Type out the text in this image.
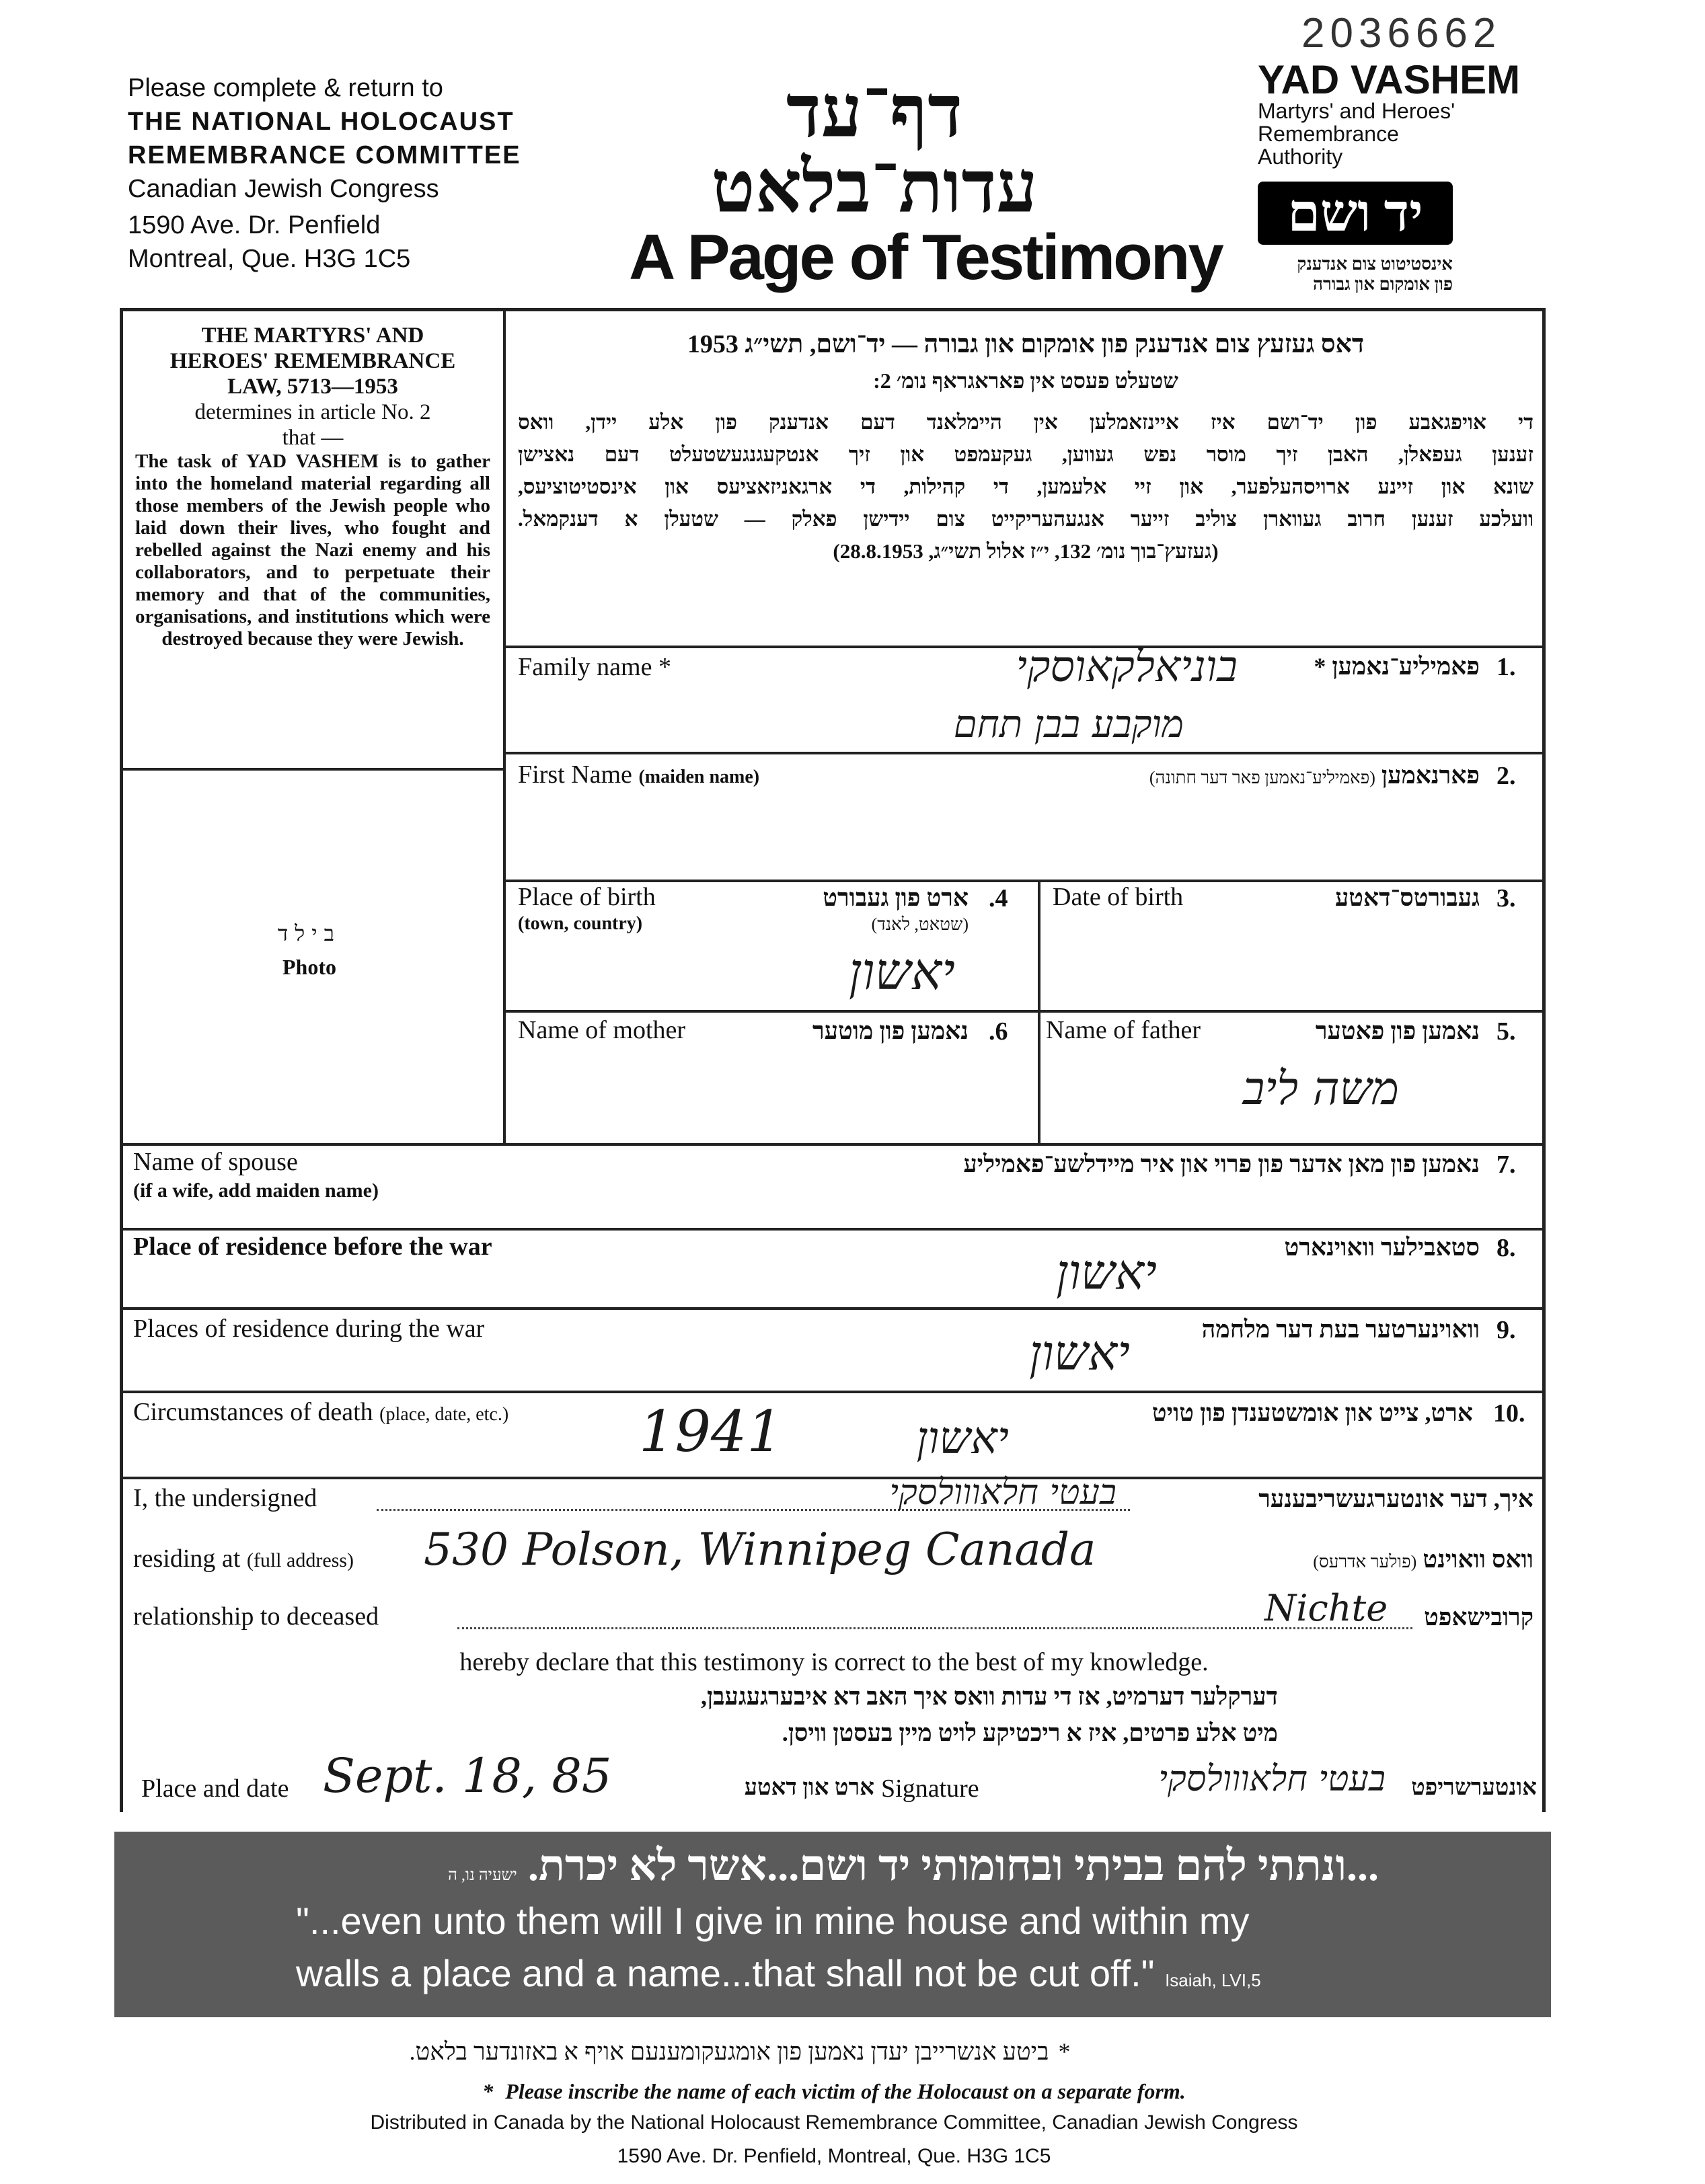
2036662
Please complete & return to
THE NATIONAL HOLOCAUST
REMEMBRANCE COMMITTEE
Canadian Jewish Congress
1590 Ave. Dr. Penfield
Montreal, Que. H3G 1C5
דף־עד
עדות־בלאט
A Page of Testimony
YAD VASHEM
Martyrs' and Heroes'
Remembrance
Authority
יד ושם
אינסטיטוט צום אנדענק
פון אומקום און גבורה
THE MARTYRS' AND
HEROES' REMEMBRANCE
LAW, 5713—1953
determines in article No. 2
that —
The task of YAD VASHEM is to gather into the homeland material regarding all those members of the Jewish people who laid down their lives, who fought and rebelled against the Nazi enemy and his collaborators, and to perpetuate their memory and that of the communities, organisations, and institutions which were destroyed because they were Jewish.
בילד
Photo
דאס געזעץ צום אנדענק פון אומקום און גבורה — יד־ושם, תשי״ג 1953
שטעלט פעסט אין פאראגראף נומ׳ 2:
די אויפגאבע פון יד־ושם איז איינזאמלען אין היימלאנד דעם אנדענק פון אלע יידן, וואס
זענען געפאלן, האבן זיך מוסר נפש געווען, געקעמפט און זיך אנטקעגנגעשטעלט דעם נאצישן
שונא און זיינע ארויסהעלפער, און זיי אלעמען, די קהילות, די ארגאניזאציעס און אינסטיטוציעס,
וועלכע זענען חרוב געווארן צוליב זייער אנגעהעריקייט צום יידישן פאלק — שטעלן א דענקמאל.
(געזעץ־בוך נומ׳ 132, י״ז אלול תשי״ג, 28.8.1953)
Family name *	פאמיליע־נאמען * 1.
בוניאלקאוסקי
מוקבע בבן תחם
First Name (maiden name)	פארנאמען (פאמיליע־נאמען פאר דער חתונה)	2.
Place of birth
(town, country)
ארט פון געבורט
(שטאט, לאנד)
.4
יאשון
Date of birth	געבורטס־דאטע 3.
Name of mother	נאמען פון מוטער .6 Name of father	נאמען פון פאטער 5.
משה ליב
Name of spouse
(if a wife, add maiden name)
נאמען פון מאן אדער פון פרוי און איר מיידלשע־פאמיליע 7.
Place of residence before the war	סטאבילער וואוינארט 8.
יאשון
Places of residence during the war	וואוינערטער בעת דער מלחמה 9.
יאשון
Circumstances of death (place, date, etc.)	ארט, צייט און אומשטענדן פון טויט 10.
1941	יאשון
I, the undersigned	בעטי חלאווולסקי	איך, דער אונטערגעשריבענער
residing at (full address) 530 Polson, Winnipeg Canada	וואס וואוינט (פולער אדרעס)
relationship to deceased	Nichte	קרובישאפט
hereby declare that this testimony is correct to the best of my knowledge.
דערקלער דערמיט, אז די עדות וואס איך האב דא איבערגעגעבן,
מיט אלע פרטים, איז א ריכטיקע לויט מיין בעסטן וויסן.
Place and date Sept. 18, 85	ארט און דאטע Signature	בעטי חלאווולסקי	אונטערשריפט
...ונתתי להם בביתי ובחומותי יד ושם...אשר לא יכרת. ישעיה נו, ה
"...even unto them will I give in mine house and within my
walls a place and a name...that shall not be cut off." Isaiah, LVI,5
*ביטע אנשרייבן יעדן נאמען פון אומגעקומענעם אויף א באזונדער בלאט.
* Please inscribe the name of each victim of the Holocaust on a separate form.
Distributed in Canada by the National Holocaust Remembrance Committee, Canadian Jewish Congress
1590 Ave. Dr. Penfield, Montreal, Que. H3G 1C5
